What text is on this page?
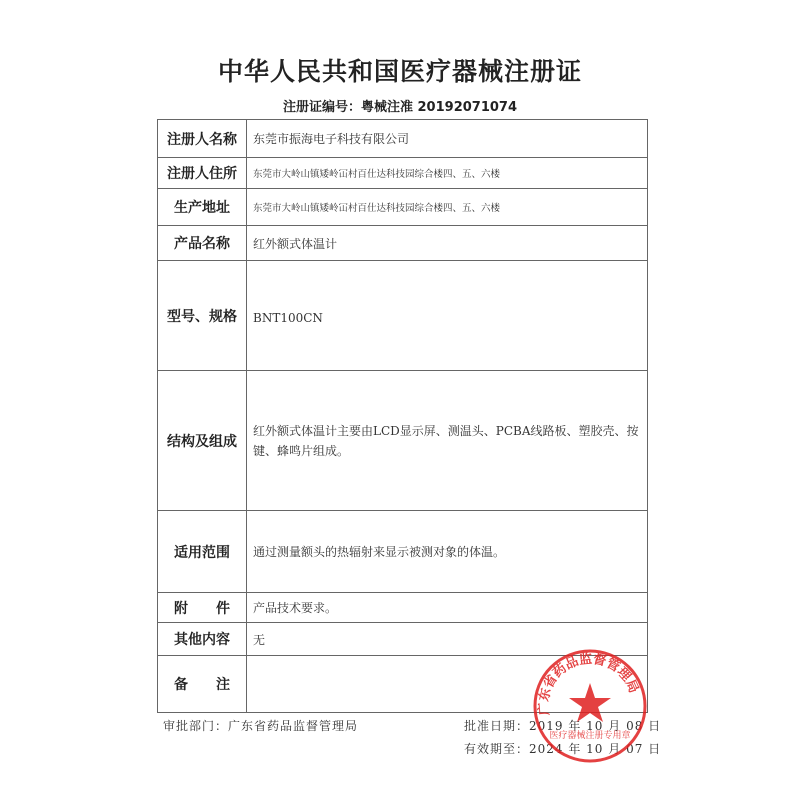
中华人民共和国医疗器械注册证
注册证编号：粤械注准 20192071074
注册人名称	东莞市振海电子科技有限公司
注册人住所	东莞市大岭山镇矮岭冚村百仕达科技园综合楼四、五、六楼
生产地址	东莞市大岭山镇矮岭冚村百仕达科技园综合楼四、五、六楼
产品名称	红外额式体温计
型号、规格	BNT100CN
结构及组成	红外额式体温计主要由LCD显示屏、测温头、PCBA线路板、塑胶壳、按键、蜂鸣片组成。
适用范围	通过测量额头的热辐射来显示被测对象的体温。
附　　件	产品技术要求。
其他内容	无
备　　注	
审批部门：广东省药品监督管理局	批准日期：2019 年 10 月 08 日
有效期至：2024 年 10 月 07 日
广东省药品监督管理局
医疗器械注册专用章
